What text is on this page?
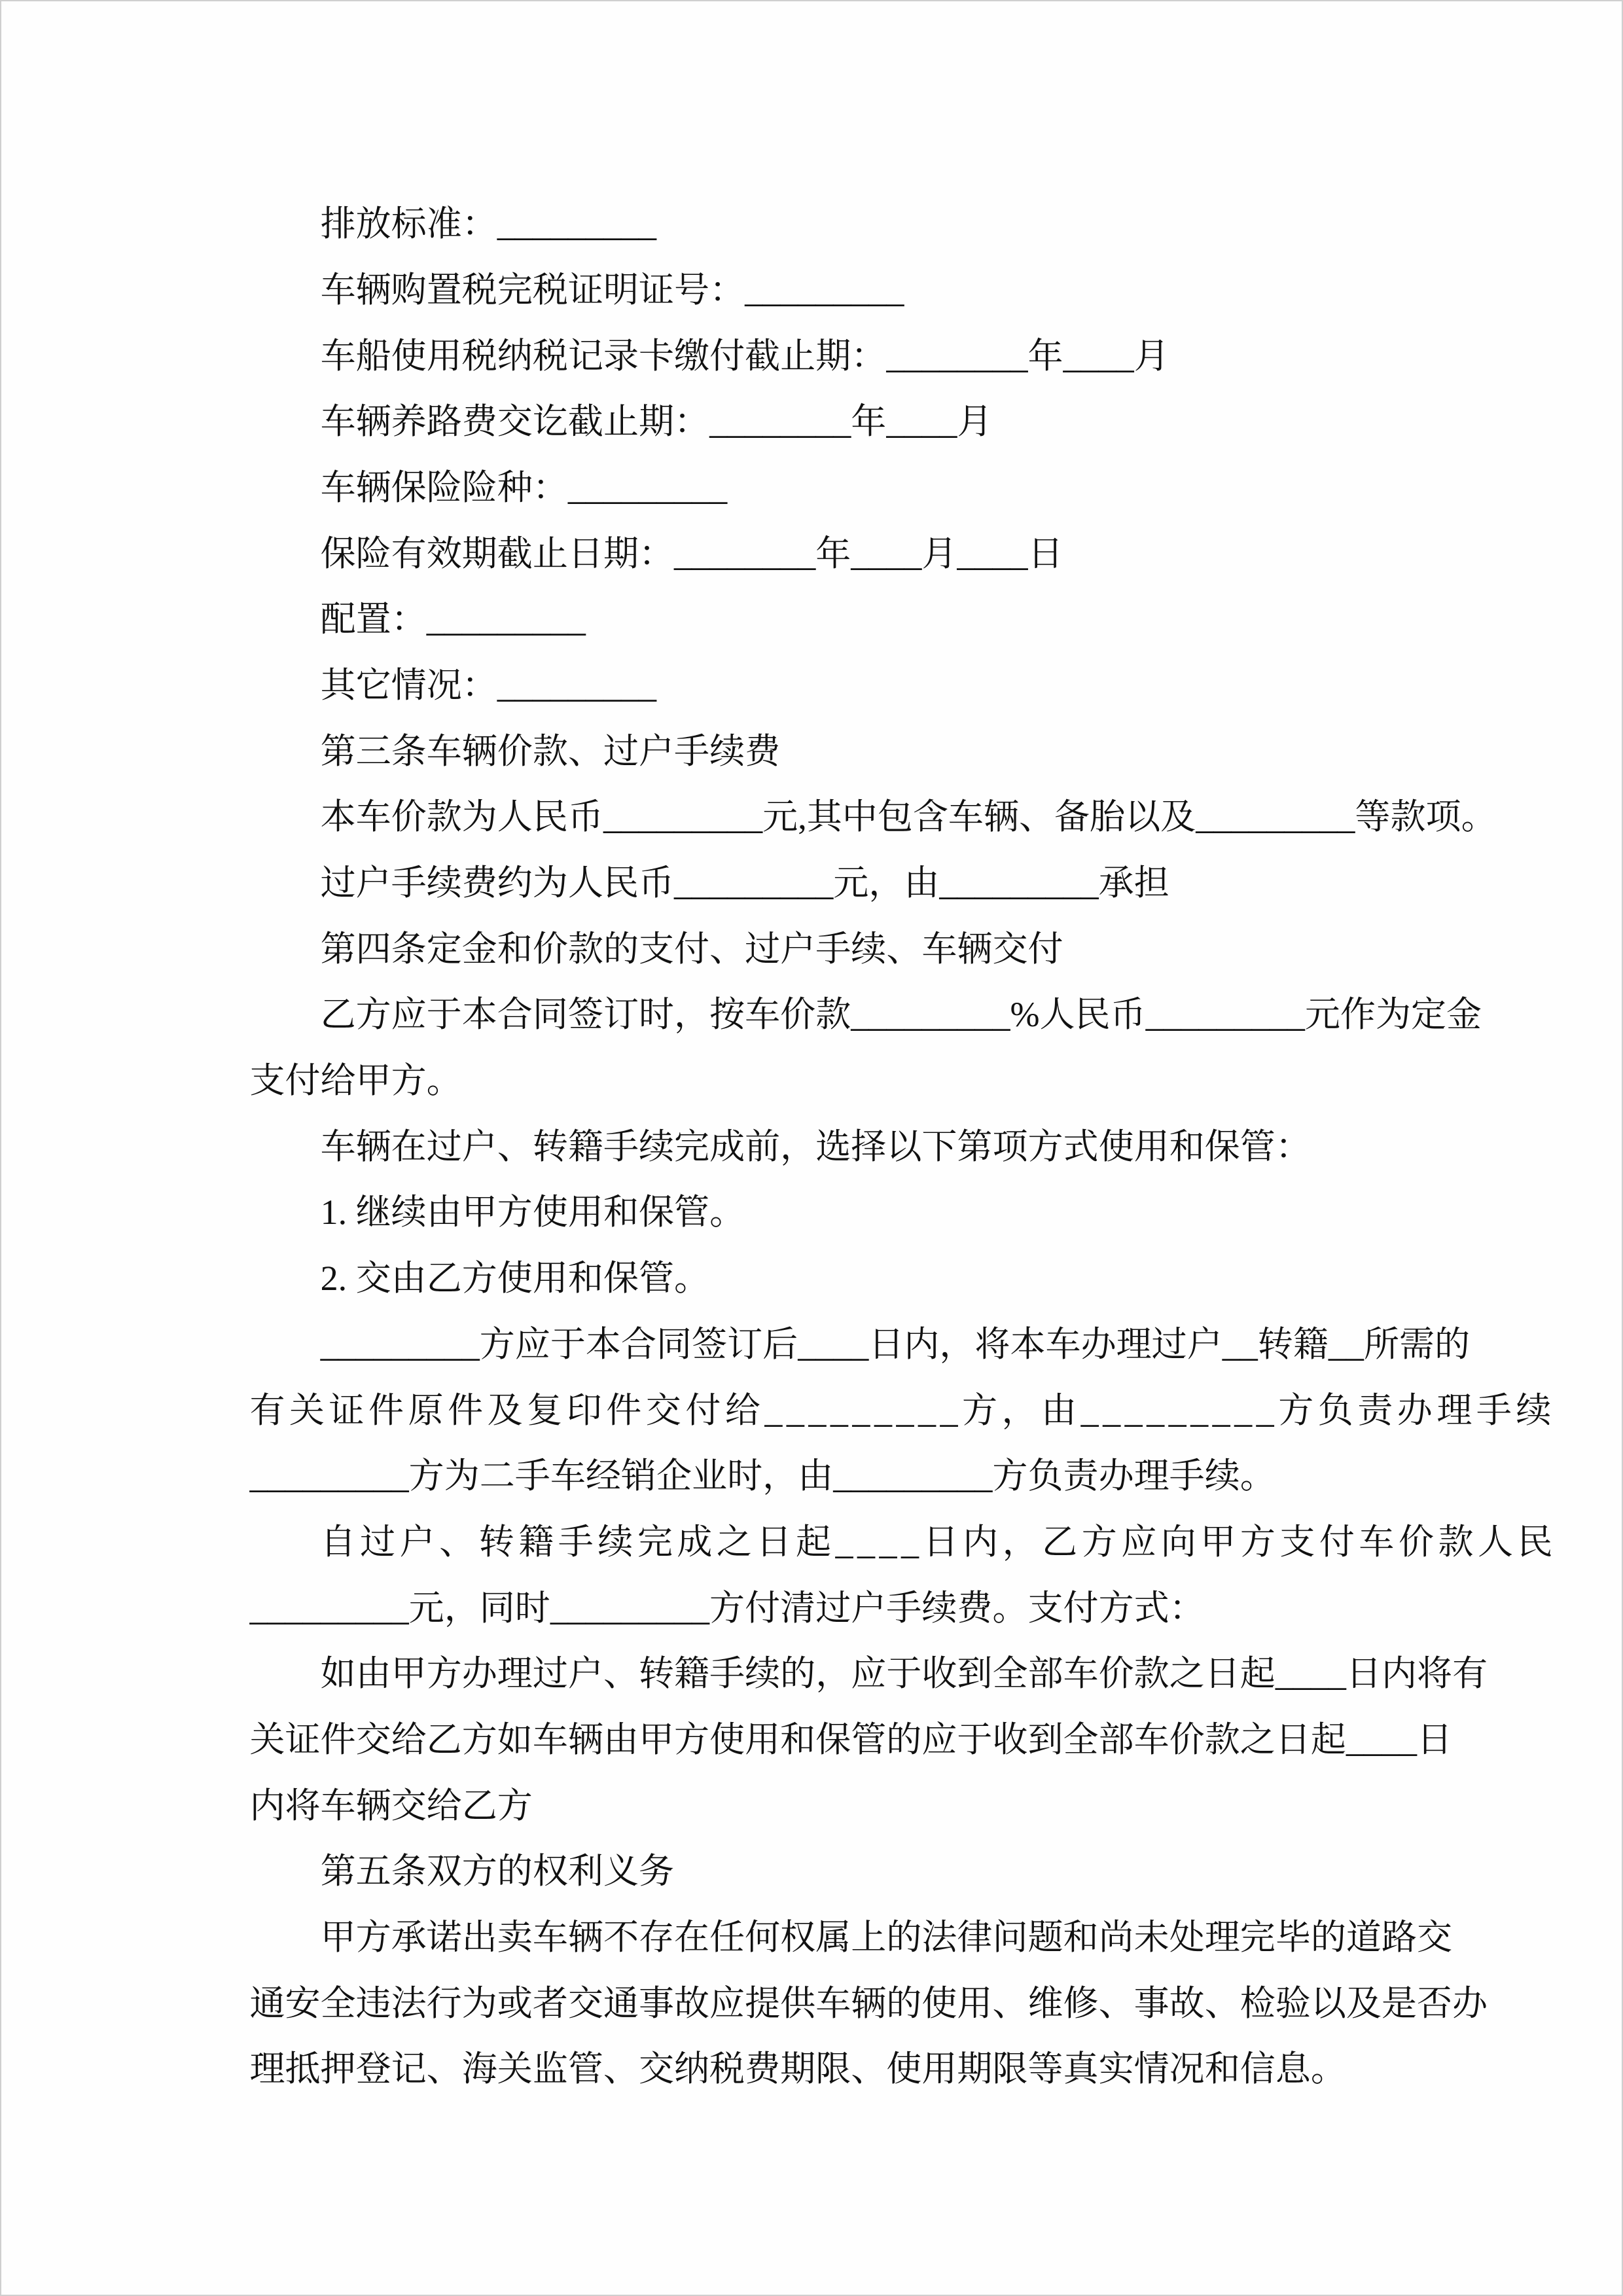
排放标准：_________
车辆购置税完税证明证号：_________
车船使用税纳税记录卡缴付截止期：________年____月
车辆养路费交讫截止期：________年____月
车辆保险险种：_________
保险有效期截止日期：________年____月____日
配置：_________
其它情况：_________
第三条车辆价款、过户手续费
本车价款为人民币_________元,其中包含车辆、备胎以及_________等款项。
过户手续费约为人民币_________元，由_________承担
第四条定金和价款的支付、过户手续、车辆交付
乙方应于本合同签订时，按车价款_________%人民币_________元作为定金
支付给甲方。
车辆在过户、转籍手续完成前，选择以下第项方式使用和保管：
1. 继续由甲方使用和保管。
2. 交由乙方使用和保管。
_________方应于本合同签订后____日内，将本车办理过户__转籍__所需的
有关证件原件及复印件交付给_________方，由_________方负责办理手续
_________方为二手车经销企业时，由_________方负责办理手续。
自过户、转籍手续完成之日起____日内，乙方应向甲方支付车价款人民
_________元，同时_________方付清过户手续费。支付方式：
如由甲方办理过户、转籍手续的，应于收到全部车价款之日起____日内将有
关证件交给乙方如车辆由甲方使用和保管的应于收到全部车价款之日起____日
内将车辆交给乙方
第五条双方的权利义务
甲方承诺出卖车辆不存在任何权属上的法律问题和尚未处理完毕的道路交
通安全违法行为或者交通事故应提供车辆的使用、维修、事故、检验以及是否办
理抵押登记、海关监管、交纳税费期限、使用期限等真实情况和信息。
